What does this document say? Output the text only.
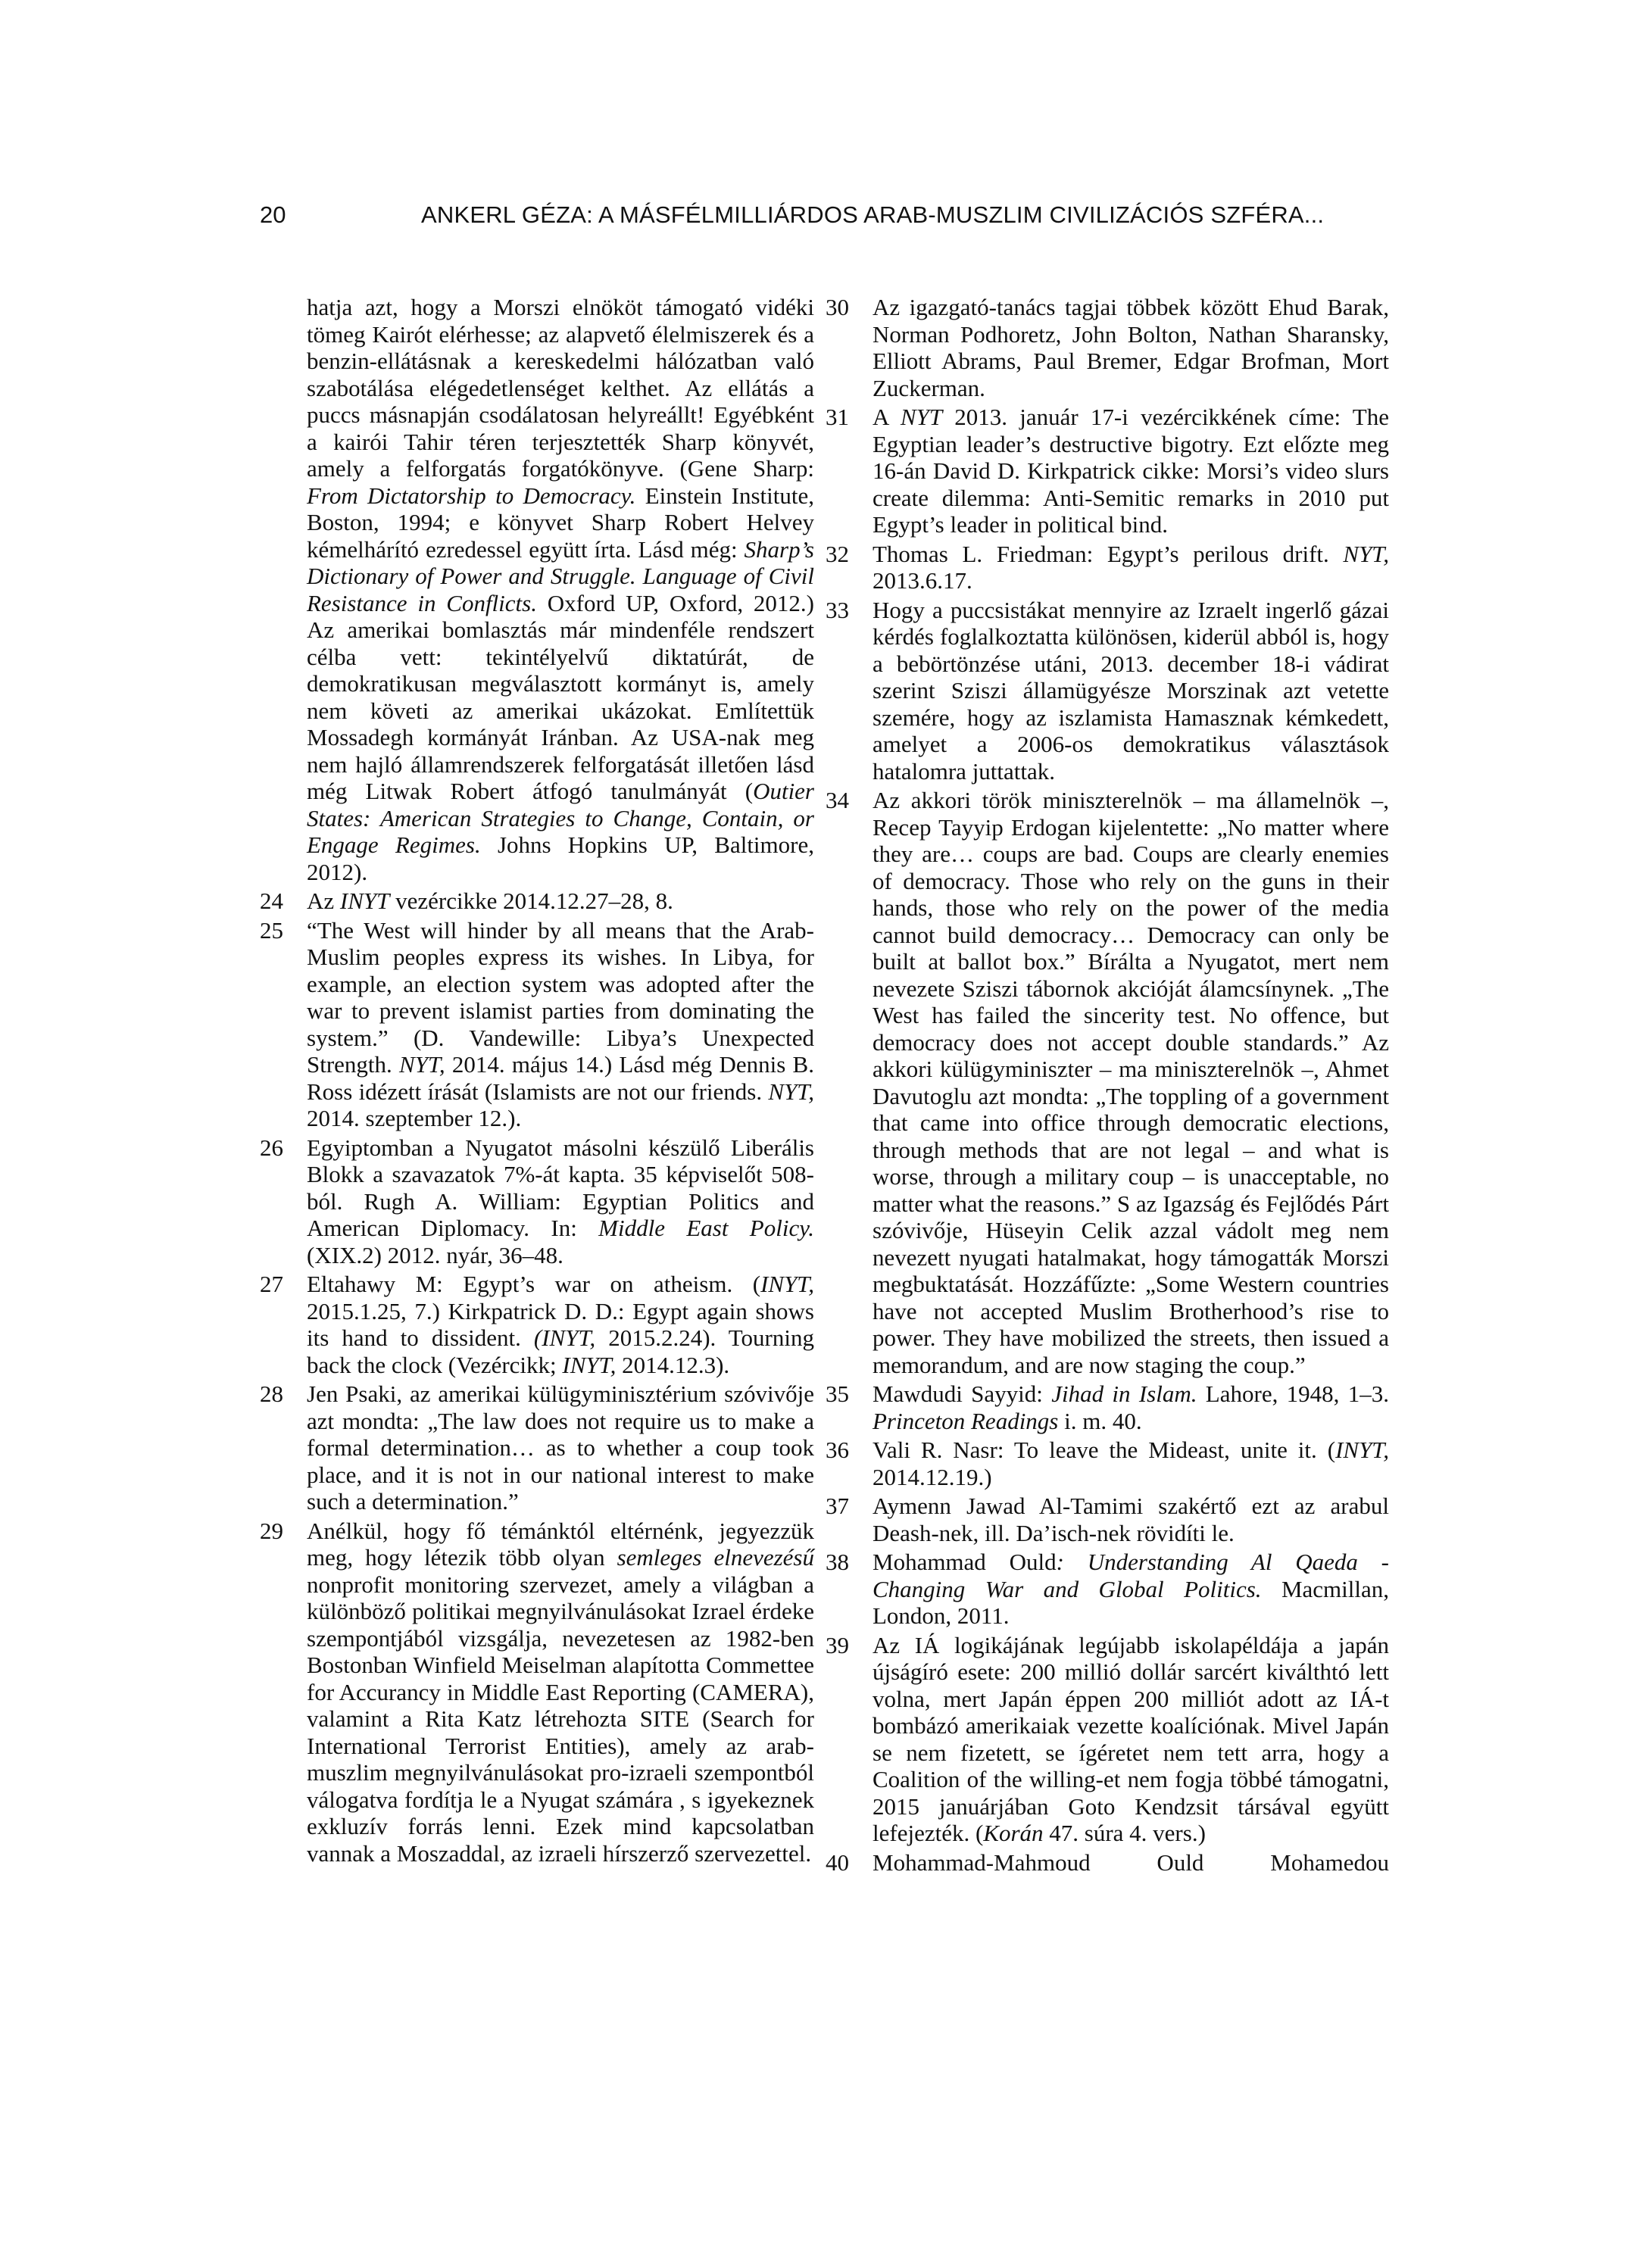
20	ANKERL GÉZA: A MÁSFÉLMILLIÁRDOS ARAB-MUSZLIM CIVILIZÁCIÓS SZFÉRA...

hatja azt, hogy a Morszi elnököt támogató vidéki tömeg Kairót elérhesse; az alapvető élelmiszerek és a benzin-ellátásnak a kereskedelmi hálózatban való szabotálása elégedetlenséget kelthet. Az ellátás a puccs másnapján csodálatosan helyreállt! Egyébként a kairói Tahir téren terjesztették Sharp könyvét, amely a felforgatás forgatókönyve. (Gene Sharp: From Dictatorship to Democracy. Einstein Institute, Boston, 1994; e könyvet Sharp Robert Helvey kémelhárító ezredessel együtt írta. Lásd még: Sharp’s Dictionary of Power and Struggle. Language of Civil Resistance in Conflicts. Oxford UP, Oxford, 2012.) Az amerikai bomlasztás már mindenféle rendszert célba vett: tekintélyelvű diktatúrát, de demokratikusan megválasztott kormányt is, amely nem követi az amerikai ukázokat. Említettük Mossadegh kormányát Iránban. Az USA-nak meg nem hajló államrendszerek felforgatását illetően lásd még Litwak Robert átfogó tanulmányát (Outier States: American Strategies to Change, Contain, or Engage Regimes. Johns Hopkins UP, Baltimore, 2012).

24 Az INYT vezércikke 2014.12.27–28, 8.

25 “The West will hinder by all means that the Arab-Muslim peoples express its wishes. In Libya, for example, an election system was adopted after the war to prevent islamist parties from dominating the system.” (D. Vandewille: Libya’s Unexpected Strength. NYT, 2014. május 14.) Lásd még Dennis B. Ross idézett írását (Islamists are not our friends. NYT, 2014. szeptember 12.).

26 Egyiptomban a Nyugatot másolni készülő Liberális Blokk a szavazatok 7%-át kapta. 35 képviselőt 508-ból. Rugh A. William: Egyptian Politics and American Diplomacy. In: Middle East Policy. (XIX.2) 2012. nyár, 36–48.

27 Eltahawy M: Egypt’s war on atheism. (INYT, 2015.1.25, 7.) Kirkpatrick D. D.: Egypt again shows its hand to dissident. (INYT, 2015.2.24). Tourning back the clock (Vezércikk; INYT, 2014.12.3).

28 Jen Psaki, az amerikai külügyminisztérium szóvivője azt mondta: „The law does not require us to make a formal determination… as to whether a coup took place, and it is not in our national interest to make such a determination.”

29 Anélkül, hogy fő témánktól eltérnénk, jegyezzük meg, hogy létezik több olyan semleges elnevezésű nonprofit monitoring szervezet, amely a világban a különböző politikai megnyilvánulásokat Izrael érdeke szempontjából vizsgálja, nevezetesen az 1982-ben Bostonban Winfield Meiselman alapította Commettee for Accurancy in Middle East Reporting (CAMERA), valamint a Rita Katz létrehozta SITE (Search for International Terrorist Entities), amely az arab-muszlim megnyilvánulásokat pro-izraeli szempontból válogatva fordítja le a Nyugat számára , s igyekeznek exkluzív forrás lenni. Ezek mind kapcsolatban vannak a Moszaddal, az izraeli hírszerző szervezettel.

30 Az igazgató-tanács tagjai többek között Ehud Barak, Norman Podhoretz, John Bolton, Nathan Sharansky, Elliott Abrams, Paul Bremer, Edgar Brofman, Mort Zuckerman.

31 A NYT 2013. január 17-i vezércikkének címe: The Egyptian leader’s destructive bigotry. Ezt előzte meg 16-án David D. Kirkpatrick cikke: Morsi’s video slurs create dilemma: Anti-Semitic remarks in 2010 put Egypt’s leader in political bind.

32 Thomas L. Friedman: Egypt’s perilous drift. NYT, 2013.6.17.

33 Hogy a puccsistákat mennyire az Izraelt ingerlő gázai kérdés foglalkoztatta különösen, kiderül abból is, hogy a bebörtönzése utáni, 2013. december 18-i vádirat szerint Sziszi államügyésze Morszinak azt vetette szemére, hogy az iszlamista Hamasznak kémkedett, amelyet a 2006-os demokratikus választások hatalomra juttattak.

34 Az akkori török miniszterelnök – ma államelnök –, Recep Tayyip Erdogan kijelentette: „No matter where they are… coups are bad. Coups are clearly enemies of democracy. Those who rely on the guns in their hands, those who rely on the power of the media cannot build democracy… Democracy can only be built at ballot box.” Bírálta a Nyugatot, mert nem nevezete Sziszi tábornok akcióját álamcsínynek. „The West has failed the sincerity test. No offence, but democracy does not accept double standards.” Az akkori külügyminiszter – ma miniszterelnök –, Ahmet Davutoglu azt mondta: „The toppling of a government that came into office through democratic elections, through methods that are not legal – and what is worse, through a military coup – is unacceptable, no matter what the reasons.” S az Igazság és Fejlődés Párt szóvivője, Hüseyin Celik azzal vádolt meg nem nevezett nyugati hatalmakat, hogy támogatták Morszi megbuktatását. Hozzáfűzte: „Some Western countries have not accepted Muslim Brotherhood’s rise to power. They have mobilized the streets, then issued a memorandum, and are now staging the coup.”

35 Mawdudi Sayyid: Jihad in Islam. Lahore, 1948, 1–3. Princeton Readings i. m. 40.

36 Vali R. Nasr: To leave the Mideast, unite it. (INYT, 2014.12.19.)

37 Aymenn Jawad Al-Tamimi szakértő ezt az arabul Deash-nek, ill. Da’isch-nek rövidíti le.

38 Mohammad Ould: Understanding Al Qaeda - Changing War and Global Politics. Macmillan, London, 2011.

39 Az IÁ logikájának legújabb iskolapéldája a japán újságíró esete: 200 millió dollár sarcért kiválthtó lett volna, mert Japán éppen 200 milliót adott az IÁ-t bombázó amerikaiak vezette koalíciónak. Mivel Japán se nem fizetett, se ígéretet nem tett arra, hogy a Coalition of the willing-et nem fogja többé támogatni, 2015 januárjában Goto Kendzsit társával együtt lefejezték. (Korán 47. súra 4. vers.)

40 Mohammad-Mahmoud Ould Mohamedou
